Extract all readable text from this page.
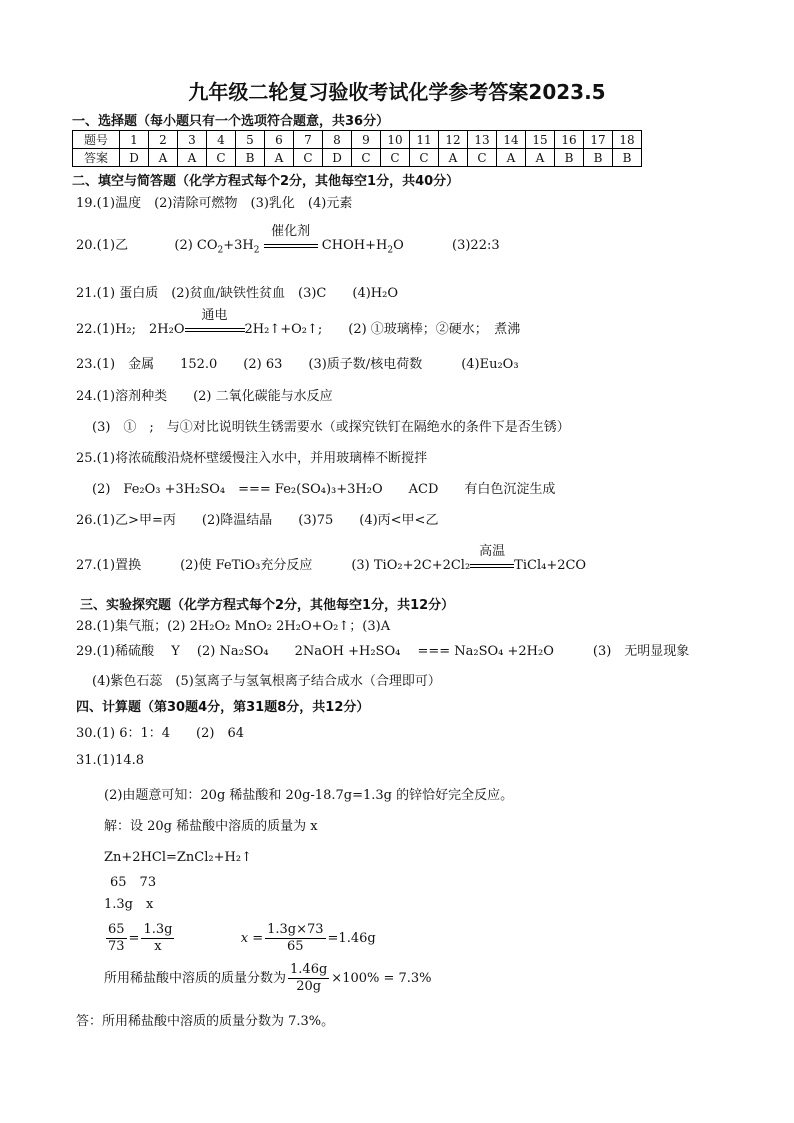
九年级二轮复习验收考试化学参考答案2023.5
一、选择题（每小题只有一个选项符合题意，共36分）
题号	1	2	3	4	5	6	7	8	9	10	11	12	13	14	15	16	17	18
答案	D	A	A	C	B	A	C	D	C	C	C	A	C	A	A	B	B	B
二、填空与简答题（化学方程式每个2分，其他每空1分，共40分）
19.(1)温度　(2)清除可燃物　(3)乳化　(4)元素
20.(1)乙	(2) $CO_2+3H_2$
催化剂
$CHOH+H_2O$	(3)22:3
21.(1) 蛋白质　(2)贫血/缺铁性贫血　(3)C　　(4)H₂O
22.(1)H₂;　2H₂O
通电
2H₂↑+O₂↑;　　(2) ①玻璃棒；②硬水；　煮沸
23.(1)　金属　　152.0　　(2) 63　　(3)质子数/核电荷数　　　(4)Eu₂O₃
24.(1)溶剂种类　　(2) 二氧化碳能与水反应
(3)　①　;　与①对比说明铁生锈需要水（或探究铁钉在隔绝水的条件下是否生锈）
25.(1)将浓硫酸沿烧杯壁缓慢注入水中，并用玻璃棒不断搅拌
(2)　Fe₂O₃ +3H₂SO₄　=== Fe₂(SO₄)₃+3H₂O　　ACD　　有白色沉淀生成
26.(1)乙>甲=丙　　(2)降温结晶　　(3)75　　(4)丙<甲<乙
27.(1)置换　　　(2)使 FeTiO₃充分反应　　　(3) TiO₂+2C+2Cl₂
高温
TiCl₄+2CO
三、实验探究题（化学方程式每个2分，其他每空1分，共12分）
28.(1)集气瓶；(2) 2H₂O₂ MnO₂ 2H₂O+O₂↑；(3)A
29.(1)稀硫酸　 Y　 (2) Na₂SO₄　　2NaOH +H₂SO₄　 === Na₂SO₄ +2H₂O　　　(3)　无明显现象
(4)紫色石蕊　(5)氢离子与氢氧根离子结合成水（合理即可）
四、计算题（第30题4分，第31题8分，共12分）
30.(1) 6：1：4　　(2)　64
31.(1)14.8
(2)由题意可知：20g 稀盐酸和 20g-18.7g=1.3g 的锌恰好完全反应。
解：设 20g 稀盐酸中溶质的质量为 x
Zn+2HCl=ZnCl₂+H₂↑
65　73
1.3g　x
$\frac{65}{73} = \frac{1.3g}{x}$	$x = \frac{1.3g\times 73}{65} =1.46g$
所用稀盐酸中溶质的质量分数为 $\frac{1.46g}{20g} \times 100\% = 7.3\%$
答：所用稀盐酸中溶质的质量分数为 7.3%。
